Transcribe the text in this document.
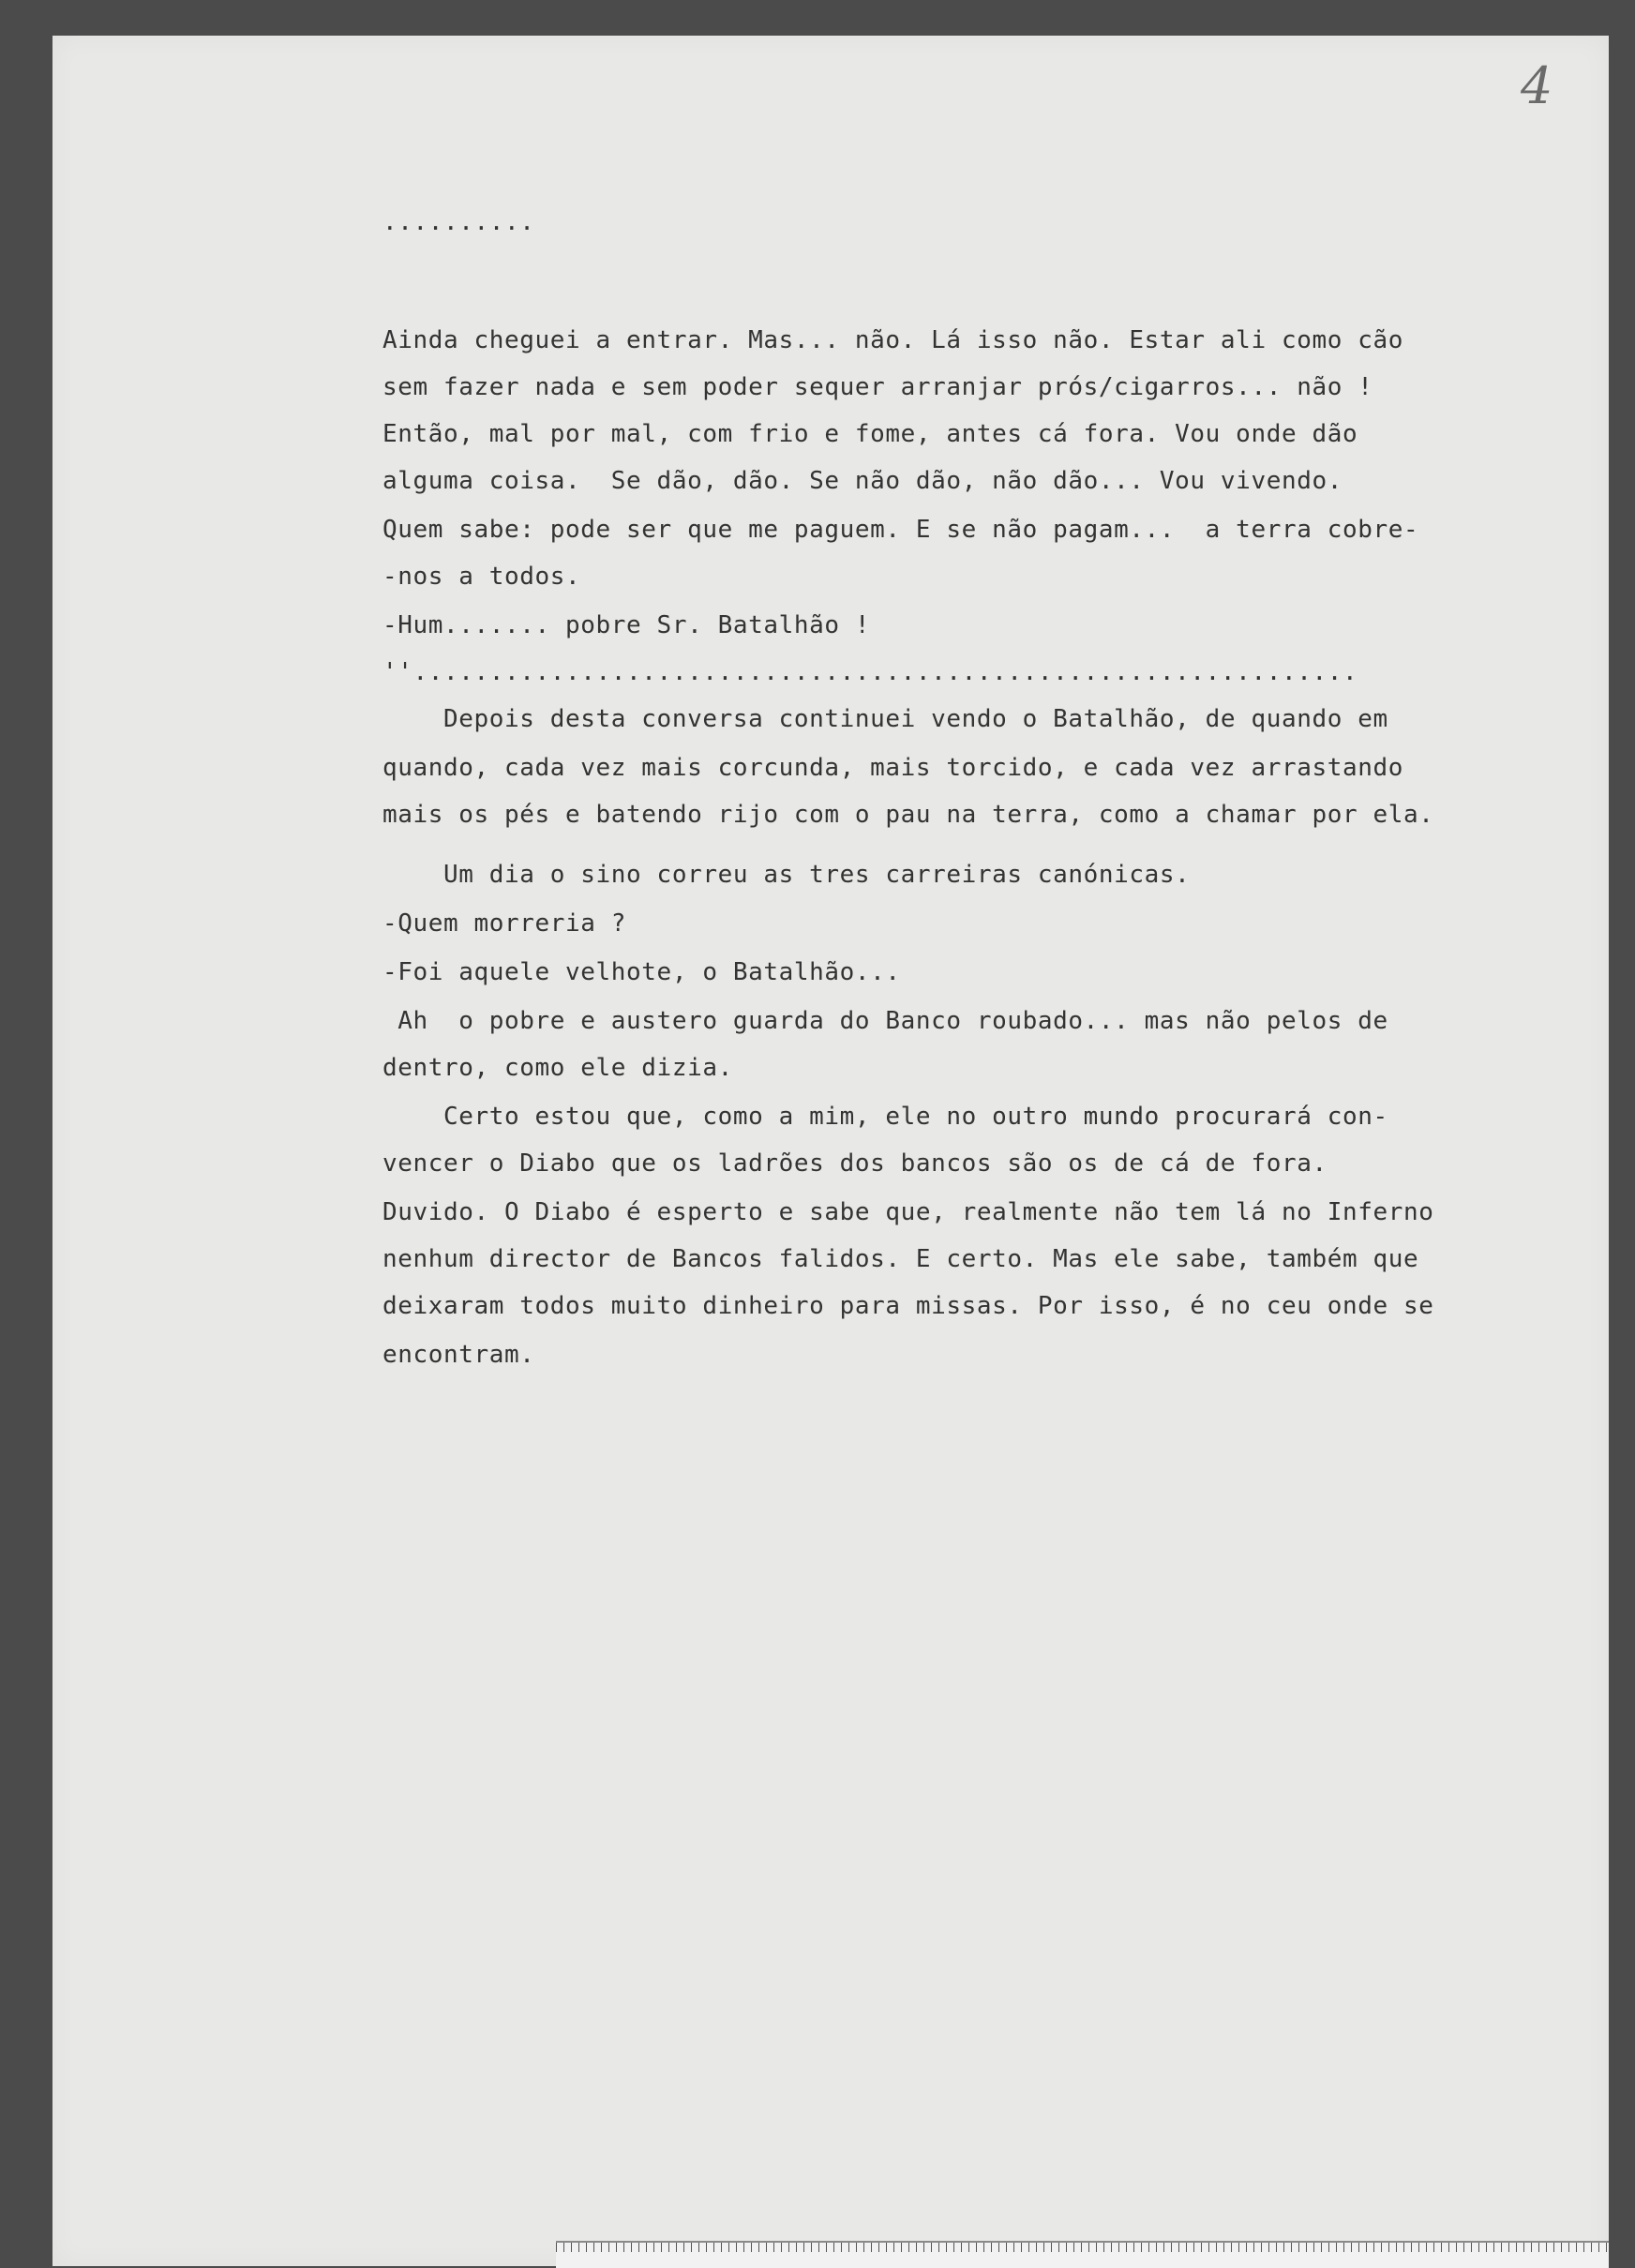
4
..........
Ainda cheguei a entrar. Mas... não. Lá isso não. Estar ali como cão
sem fazer nada e sem poder sequer arranjar prós/cigarros... não !
Então, mal por mal, com frio e fome, antes cá fora. Vou onde dão
alguma coisa.  Se dão, dão. Se não dão, não dão... Vou vivendo.
Quem sabe: pode ser que me paguem. E se não pagam...  a terra cobre-
-nos a todos.
-Hum....... pobre Sr. Batalhão !
''..............................................................
Depois desta conversa continuei vendo o Batalhão, de quando em
quando, cada vez mais corcunda, mais torcido, e cada vez arrastando
mais os pés e batendo rijo com o pau na terra, como a chamar por ela.
Um dia o sino correu as tres carreiras canónicas.
-Quem morreria ?
-Foi aquele velhote, o Batalhão...
Ah  o pobre e austero guarda do Banco roubado... mas não pelos de
dentro, como ele dizia.
Certo estou que, como a mim, ele no outro mundo procurará con-
vencer o Diabo que os ladrões dos bancos são os de cá de fora.
Duvido. O Diabo é esperto e sabe que, realmente não tem lá no Inferno
nenhum director de Bancos falidos. E certo. Mas ele sabe, também que
deixaram todos muito dinheiro para missas. Por isso, é no ceu onde se
encontram.
